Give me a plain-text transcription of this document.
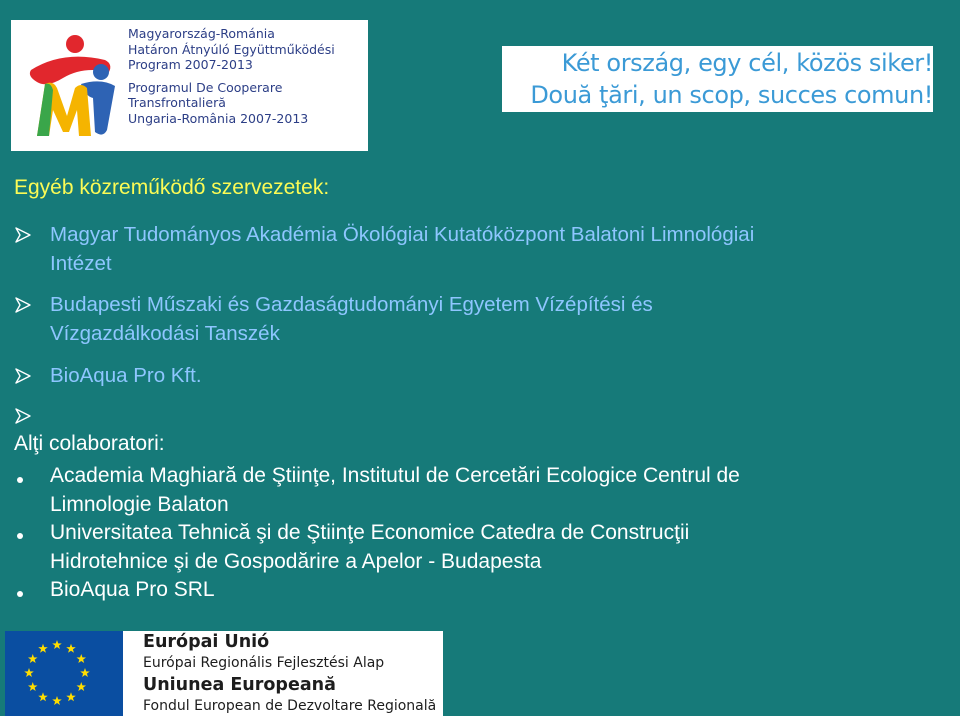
Magyarország-Románia
Határon Átnyúló Együttműködési
Program 2007-2013
Programul De Cooperare
Transfrontalieră
Ungaria-România 2007-2013
Két ország, egy cél, közös siker!
Două ţări, un scop, succes comun!
Egyéb közreműködő szervezetek:
Magyar Tudományos Akadémia Ökológiai Kutatóközpont Balatoni Limnológiai
Intézet
Budapesti Műszaki és Gazdaságtudományi Egyetem Vízépítési és
Vízgazdálkodási Tanszék
BioAqua Pro Kft.
Alţi colaboratori:
Academia Maghiară de Ştiinţe, Institutul de Cercetări Ecologice Centrul de
Limnologie Balaton
Universitatea Tehnică şi de Ştiinţe Economice Catedra de Construcţii
Hidrotehnice şi de Gospodărire a Apelor - Budapesta
BioAqua Pro SRL
Európai Unió
Európai Regionális Fejlesztési Alap
Uniunea Europeană
Fondul European de Dezvoltare Regională
